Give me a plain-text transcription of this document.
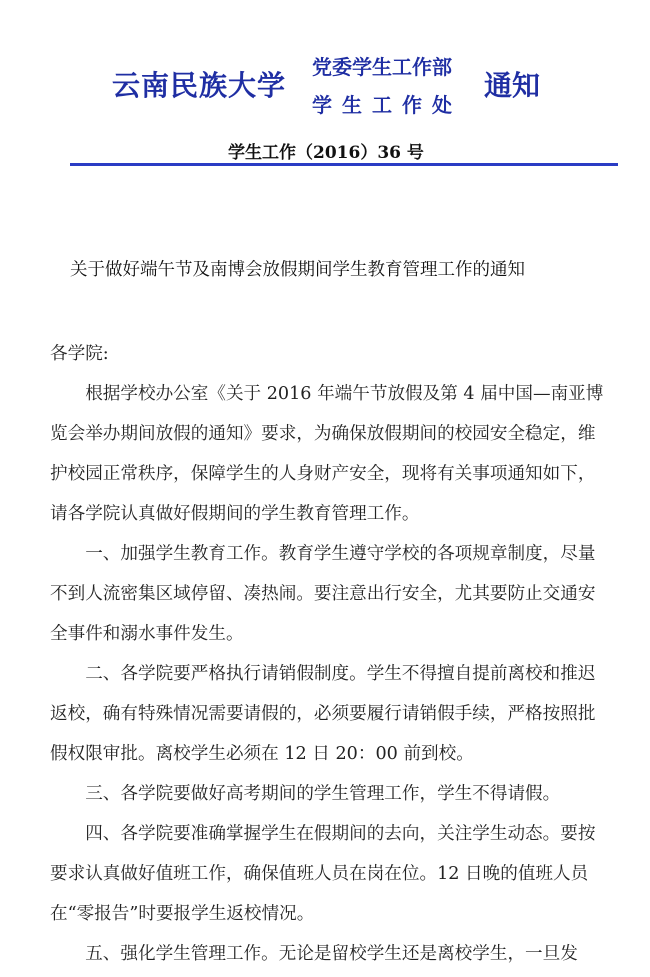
云南民族大学
党委学生工作部
学生工作处
通知
学生工作（2016）36 号
关于做好端午节及南博会放假期间学生教育管理工作的通知

各学院:

根据学校办公室《关于 2016 年端午节放假及第 4 届中国—南亚博览会举办期间放假的通知》要求，为确保放假期间的校园安全稳定，维护校园正常秩序，保障学生的人身财产安全，现将有关事项通知如下，请各学院认真做好假期间的学生教育管理工作。

一、加强学生教育工作。教育学生遵守学校的各项规章制度，尽量不到人流密集区域停留、凑热闹。要注意出行安全，尤其要防止交通安全事件和溺水事件发生。

二、各学院要严格执行请销假制度。学生不得擅自提前离校和推迟返校，确有特殊情况需要请假的，必须要履行请销假手续，严格按照批假权限审批。离校学生必须在 12 日 20：00 前到校。

三、各学院要做好高考期间的学生管理工作，学生不得请假。

四、各学院要准确掌握学生在假期间的去向，关注学生动态。要按要求认真做好值班工作，确保值班人员在岗在位。12 日晚的值班人员在“零报告”时要报学生返校情况。

五、强化学生管理工作。无论是留校学生还是离校学生，一旦发
